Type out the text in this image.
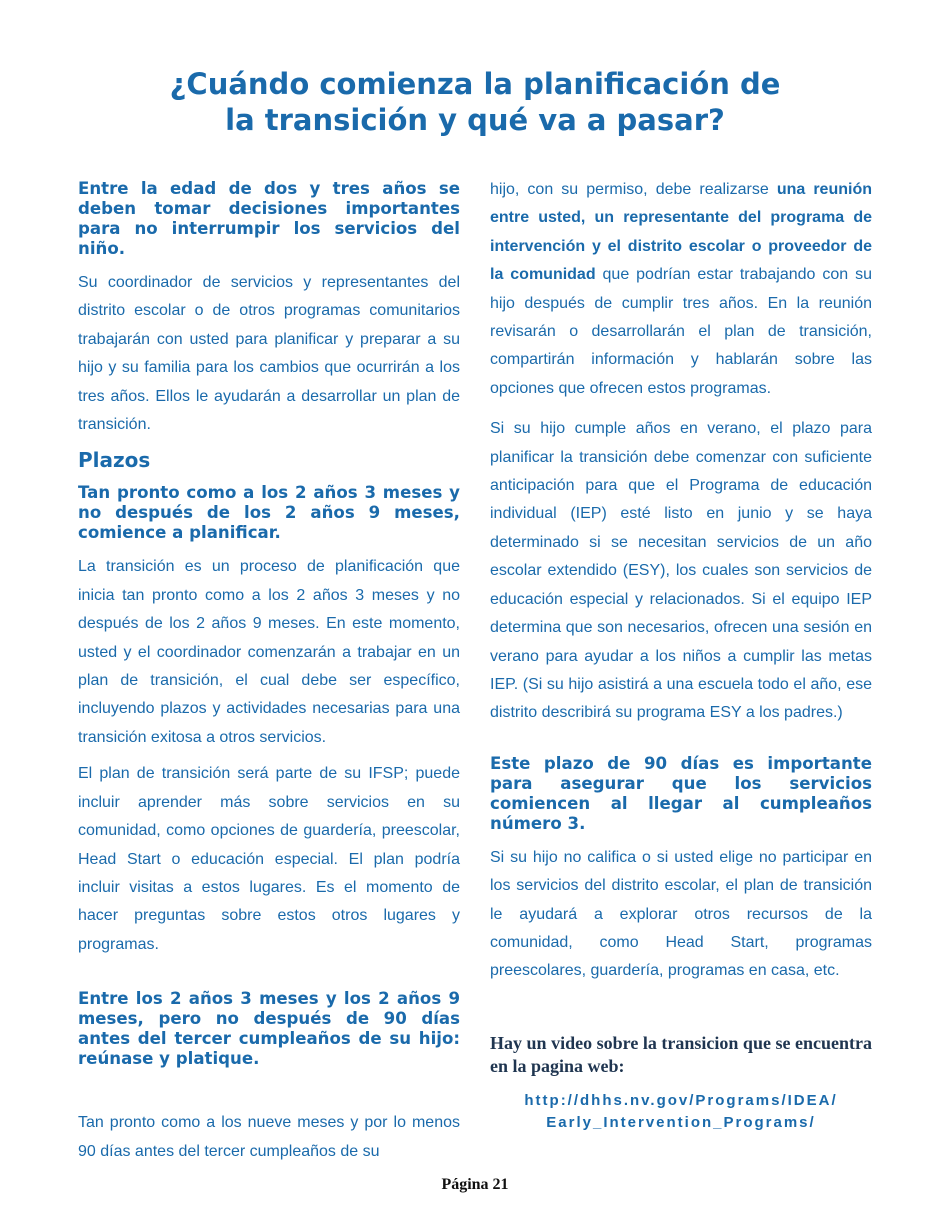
¿Cuándo comienza la planificación de
la transición y qué va a pasar?
Entre la edad de dos y tres años se deben tomar decisiones importantes para no interrumpir los servicios del niño.

Su coordinador de servicios y representantes del distrito escolar o de otros programas comunitarios trabajarán con usted para planificar y preparar a su hijo y su familia para los cambios que ocurrirán a los tres años. Ellos le ayudarán a desarrollar un plan de transición.

Plazos
Tan pronto como a los 2 años 3 meses y no después de los 2 años 9 meses, comience a planificar.

La transición es un proceso de planificación que inicia tan pronto como a los 2 años 3 meses y no después de los 2 años 9 meses. En este momento, usted y el coordinador comenzarán a trabajar en un plan de transición, el cual debe ser específico, incluyendo plazos y actividades necesarias para una transición exitosa a otros servicios.

El plan de transición será parte de su IFSP; puede incluir aprender más sobre servicios en su comunidad, como opciones de guardería, preescolar, Head Start o educación especial. El plan podría incluir visitas a estos lugares. Es el momento de hacer preguntas sobre estos otros lugares y programas.

Entre los 2 años 3 meses y los 2 años 9 meses, pero no después de 90 días antes del tercer cumpleaños de su hijo: reúnase y platique.

Tan pronto como a los nueve meses y por lo menos 90 días antes del tercer cumpleaños de su

hijo, con su permiso, debe realizarse una reunión entre usted, un representante del programa de intervención y el distrito escolar o proveedor de la comunidad que podrían estar trabajando con su hijo después de cumplir tres años. En la reunión revisarán o desarrollarán el plan de transición, compartirán información y hablarán sobre las opciones que ofrecen estos programas.

Si su hijo cumple años en verano, el plazo para planificar la transición debe comenzar con suficiente anticipación para que el Programa de educación individual (IEP) esté listo en junio y se haya determinado si se necesitan servicios de un año escolar extendido (ESY), los cuales son servicios de educación especial y relacionados. Si el equipo IEP determina que son necesarios, ofrecen una sesión en verano para ayudar a los niños a cumplir las metas IEP. (Si su hijo asistirá a una escuela todo el año, ese distrito describirá su programa ESY a los padres.)

Este plazo de 90 días es importante para asegurar que los servicios comiencen al llegar al cumpleaños número 3.

Si su hijo no califica o si usted elige no participar en los servicios del distrito escolar, el plan de transición le ayudará a explorar otros recursos de la comunidad, como Head Start, programas preescolares, guardería, programas en casa, etc.

Hay un video sobre la transicion que se encuentra en la pagina web:

http://dhhs.nv.gov/Programs/IDEA/

Early_Intervention_Programs/

Página 21
